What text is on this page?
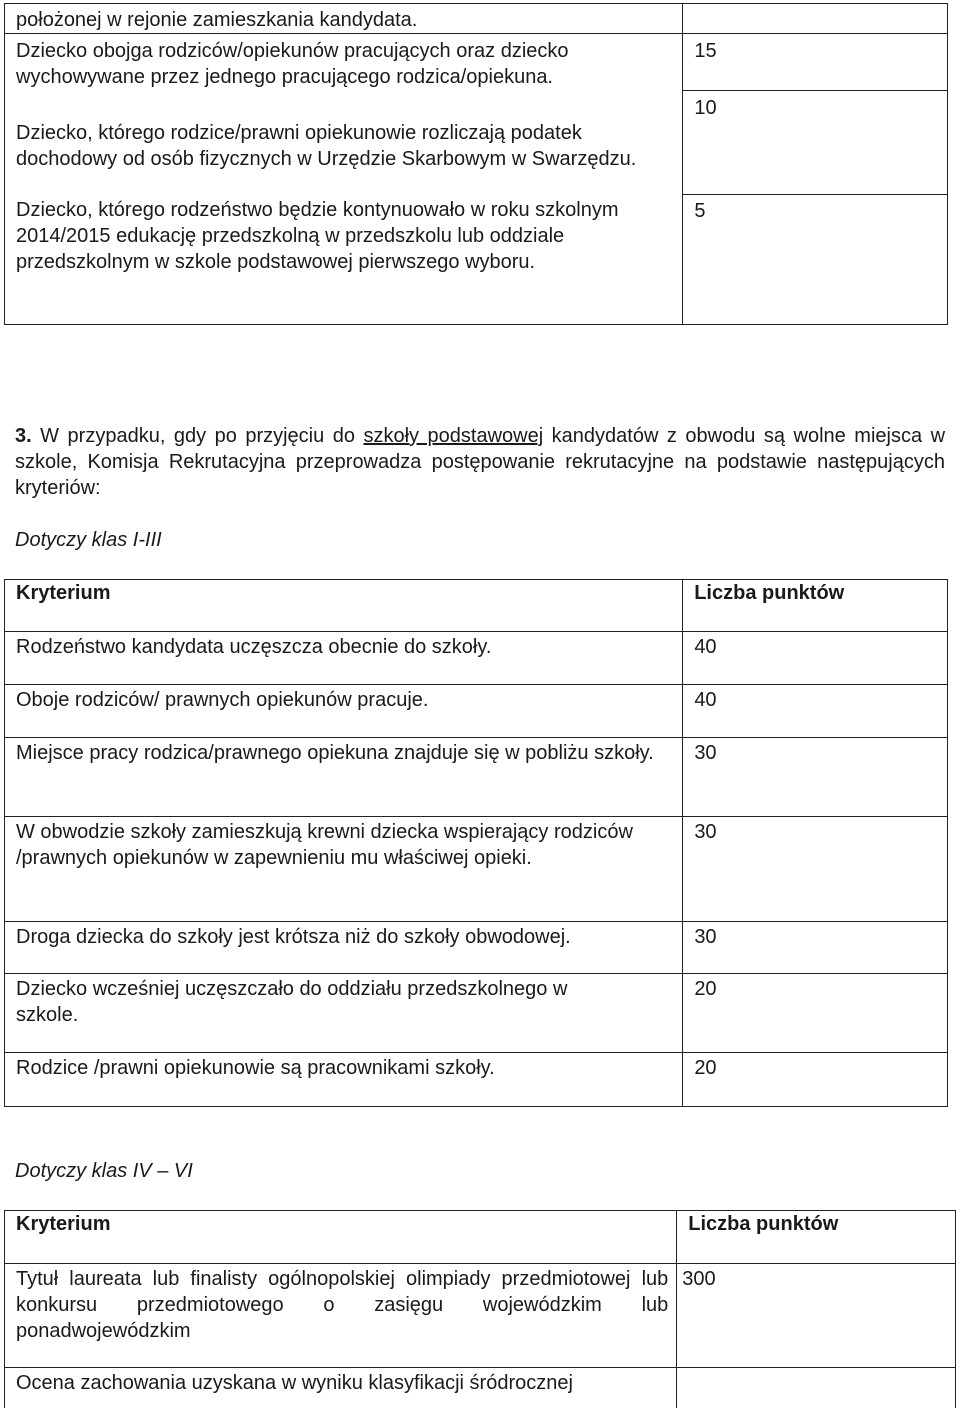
położonej w rejonie zamieszkania kandydata.	
Dziecko obojga rodziców/opiekunów pracujących oraz dziecko wychowywane przez jednego pracującego rodzica/opiekuna.	15
Dziecko, którego rodzice/prawni opiekunowie rozliczają podatek dochodowy od osób fizycznych w Urzędzie Skarbowym w Swarzędzu.	10
Dziecko, którego rodzeństwo będzie kontynuowało w roku szkolnym 2014/2015 edukację przedszkolną w przedszkolu lub oddziale przedszkolnym w szkole podstawowej pierwszego wyboru.	5
3. W przypadku, gdy po przyjęciu do szkoły podstawowej kandydatów z obwodu są wolne miejsca w szkole, Komisja Rekrutacyjna przeprowadza postępowanie rekrutacyjne na podstawie następujących kryteriów:
Dotyczy klas I-III
Kryterium	Liczba punktów

Rodzeństwo kandydata uczęszcza obecnie do szkoły.	40
Oboje rodziców/ prawnych opiekunów pracuje.	40
Miejsce pracy rodzica/prawnego opiekuna znajduje się w pobliżu szkoły.	30
W obwodzie szkoły zamieszkują krewni dziecka wspierający rodziców /prawnych opiekunów w zapewnieniu mu właściwej opieki.	30
Droga dziecka do szkoły jest krótsza niż do szkoły obwodowej.	30
Dziecko wcześniej uczęszczało do oddziału przedszkolnego w szkole.	20
Rodzice /prawni opiekunowie są pracownikami szkoły.	20
Dotyczy klas IV – VI
Kryterium	Liczba punktów

Tytuł laureata lub finalisty ogólnopolskiej olimpiady przedmiotowej lub konkursu przedmiotowego o zasięgu wojewódzkim lub ponadwojewódzkim	300
Ocena zachowania uzyskana w wyniku klasyfikacji śródrocznej	
